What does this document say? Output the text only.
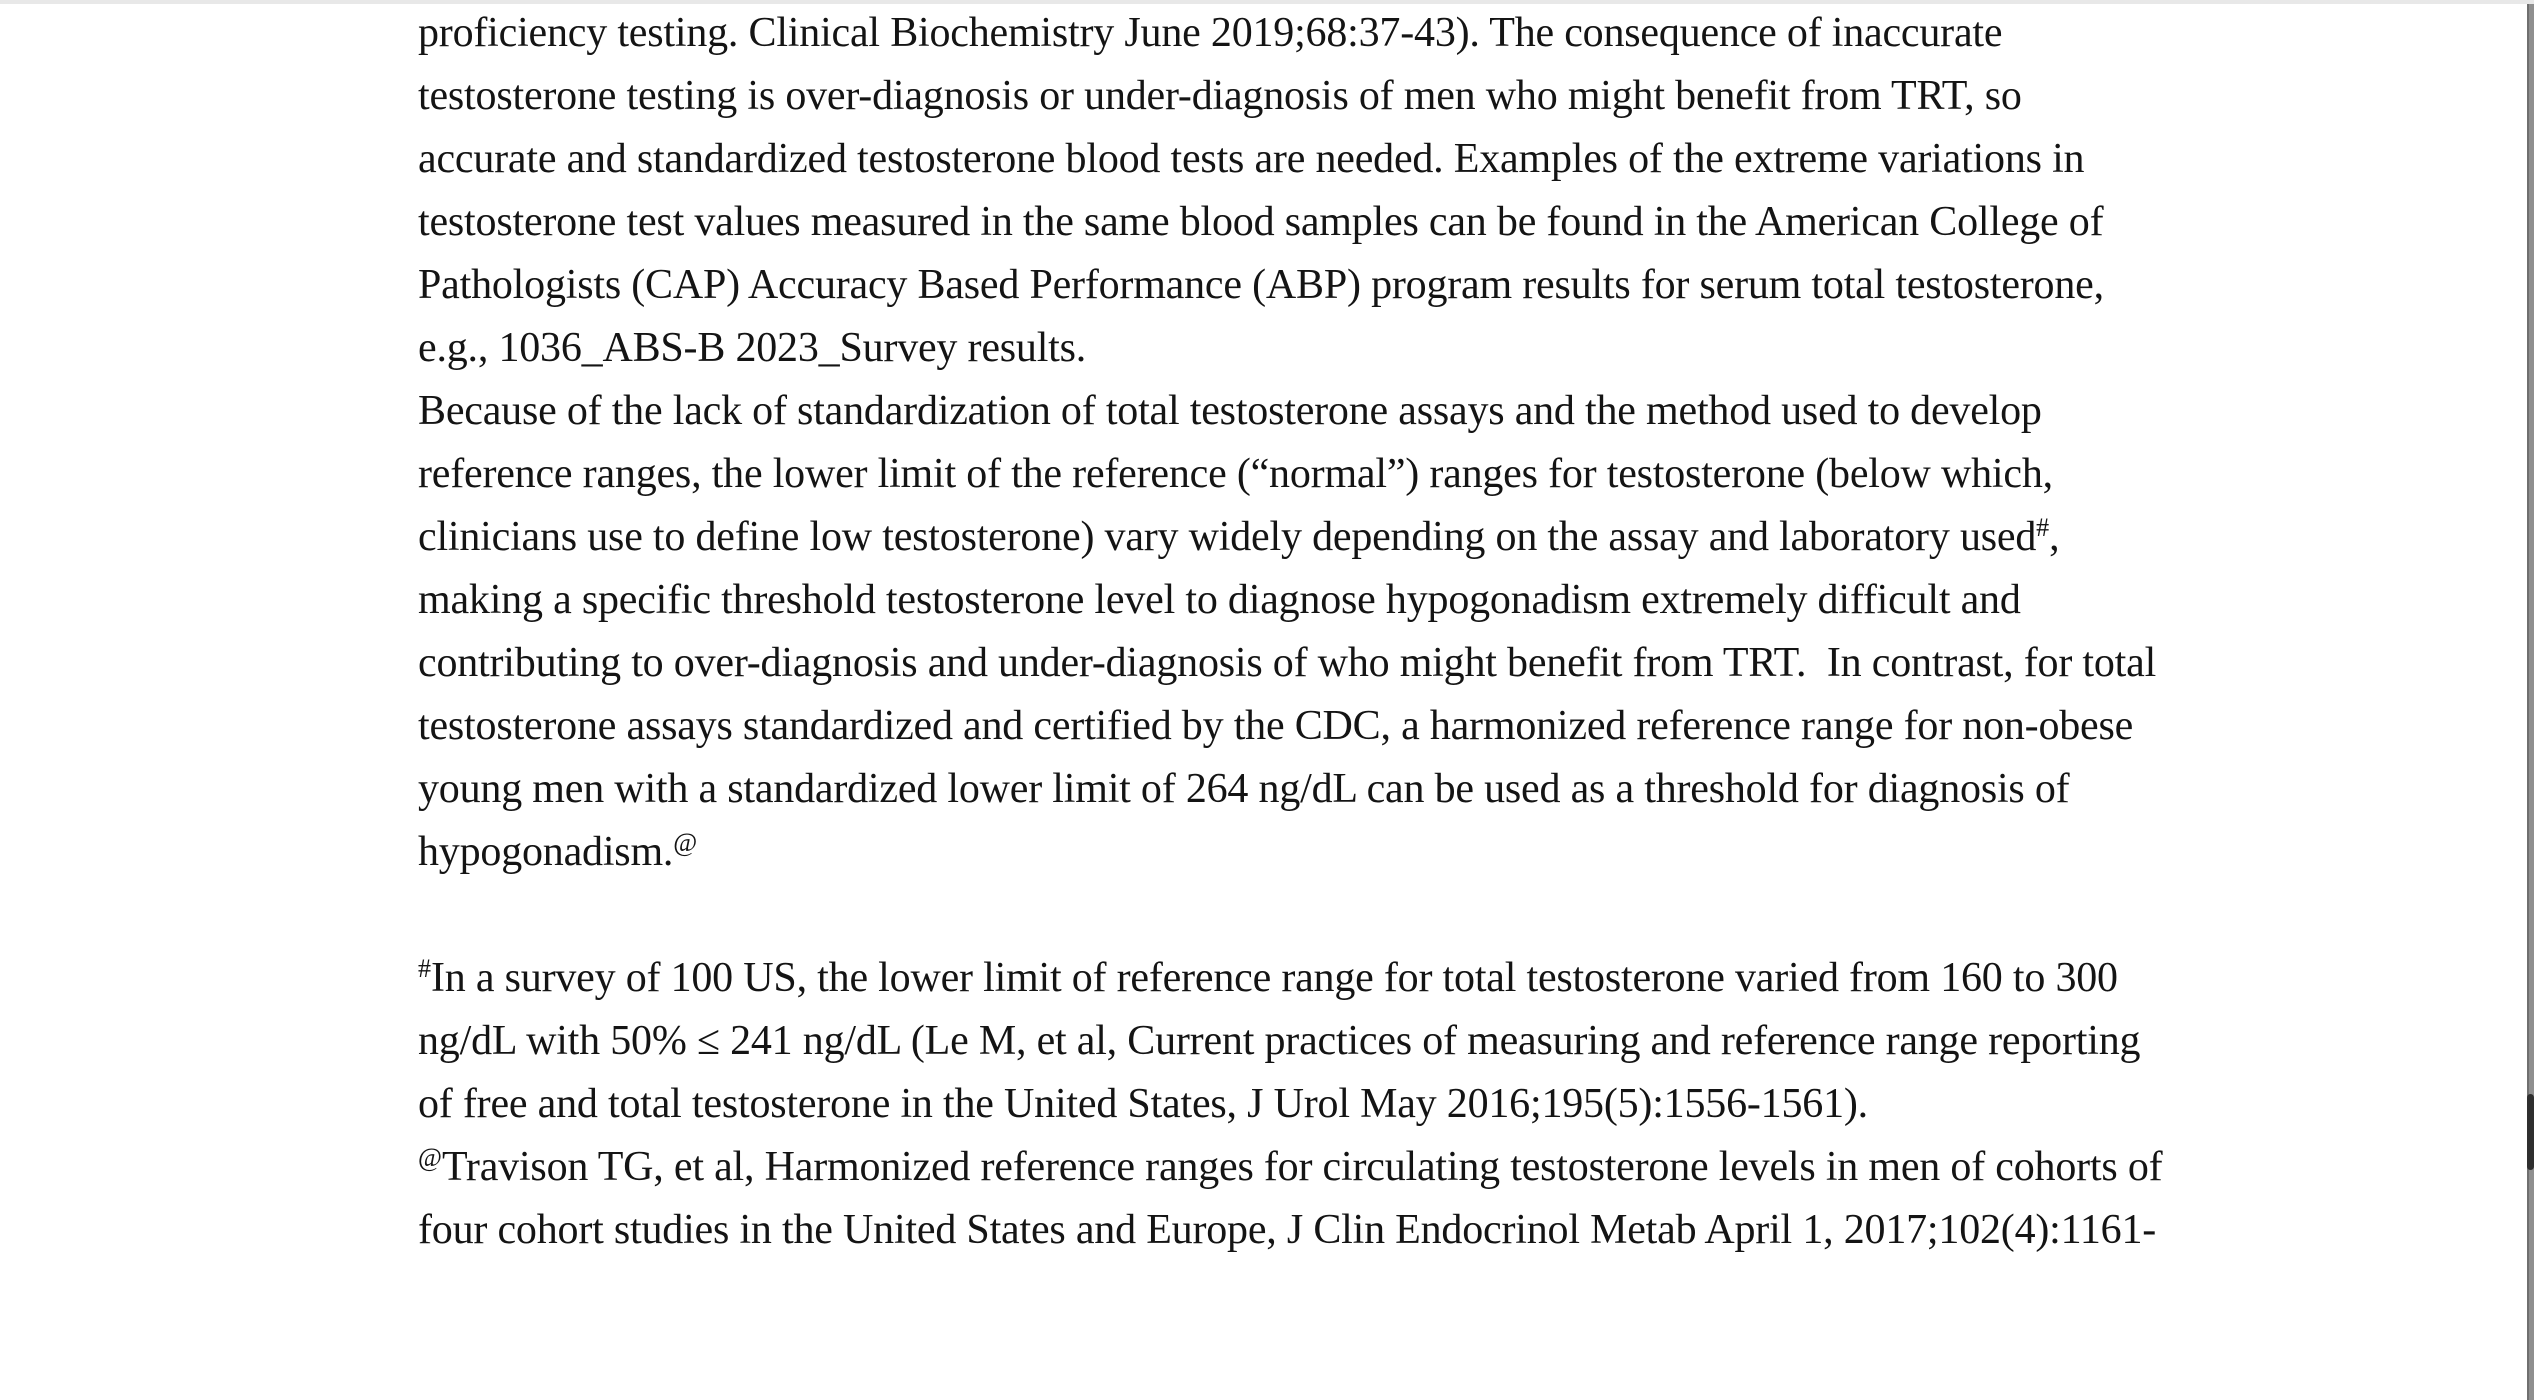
proficiency testing. Clinical Biochemistry June 2019;68:37-43). The consequence of inaccurate
testosterone testing is over-diagnosis or under-diagnosis of men who might benefit from TRT, so
accurate and standardized testosterone blood tests are needed. Examples of the extreme variations in
testosterone test values measured in the same blood samples can be found in the American College of
Pathologists (CAP) Accuracy Based Performance (ABP) program results for serum total testosterone,
e.g., 1036_ABS-B 2023_Survey results.
Because of the lack of standardization of total testosterone assays and the method used to develop
reference ranges, the lower limit of the reference (“normal”) ranges for testosterone (below which,
clinicians use to define low testosterone) vary widely depending on the assay and laboratory used#,
making a specific threshold testosterone level to diagnose hypogonadism extremely difficult and
contributing to over-diagnosis and under-diagnosis of who might benefit from TRT.  In contrast, for total
testosterone assays standardized and certified by the CDC, a harmonized reference range for non-obese
young men with a standardized lower limit of 264 ng/dL can be used as a threshold for diagnosis of
hypogonadism.@
#In a survey of 100 US, the lower limit of reference range for total testosterone varied from 160 to 300
ng/dL with 50% ≤ 241 ng/dL (Le M, et al, Current practices of measuring and reference range reporting
of free and total testosterone in the United States, J Urol May 2016;195(5):1556-1561).
@Travison TG, et al, Harmonized reference ranges for circulating testosterone levels in men of cohorts of
four cohort studies in the United States and Europe, J Clin Endocrinol Metab April 1, 2017;102(4):1161-
